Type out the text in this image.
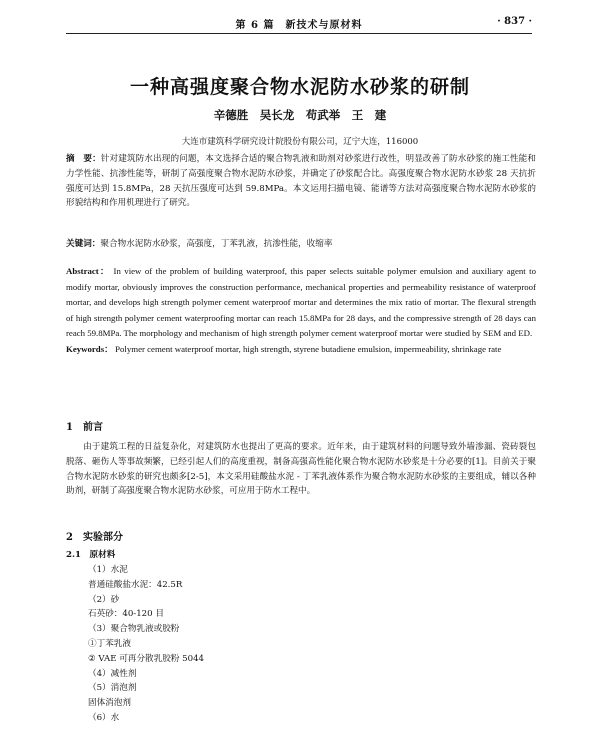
第 6 篇　新技术与原材料	· 837 ·
一种高强度聚合物水泥防水砂浆的研制
辛德胜　吴长龙　苟武举　王　建
大连市建筑科学研究设计院股份有限公司，辽宁大连，116000
摘　要：针对建筑防水出现的问题，本文选择合适的聚合物乳液和助剂对砂浆进行改性，明显改善了防水砂浆的施工性能和力学性能、抗渗性能等，研制了高强度聚合物水泥防水砂浆，并确定了砂浆配合比。高强度聚合物水泥防水砂浆 28 天抗折强度可达到 15.8MPa，28 天抗压强度可达到 59.8MPa。本文运用扫描电镜、能谱等方法对高强度聚合物水泥防水砂浆的形貌结构和作用机理进行了研究。
关键词：聚合物水泥防水砂浆，高强度，丁苯乳液，抗渗性能，收缩率
Abstract： In view of the problem of building waterproof, this paper selects suitable polymer emulsion and auxiliary agent to modify mortar, obviously improves the construction performance, mechanical properties and permeability resistance of waterproof mortar, and develops high strength polymer cement waterproof mortar and determines the mix ratio of mortar. The flexural strength of high strength polymer cement waterproofing mortar can reach 15.8MPa for 28 days, and the compressive strength of 28 days can reach 59.8MPa. The morphology and mechanism of high strength polymer cement waterproof mortar were studied by SEM and ED.
Keywords： Polymer cement waterproof mortar, high strength, styrene butadiene emulsion, impermeability, shrinkage rate
1　前言
由于建筑工程的日益复杂化，对建筑防水也提出了更高的要求。近年来，由于建筑材料的问题导致外墙渗漏、瓷砖裂包脱落、砸伤人等事故频繁，已经引起人们的高度重视，制备高强高性能化聚合物水泥防水砂浆是十分必要的[1]。目前关于聚合物水泥防水砂浆的研究也颇多[2-5]，本文采用硅酸盐水泥 - 丁苯乳液体系作为聚合物水泥防水砂浆的主要组成，辅以各种助剂，研制了高强度聚合物水泥防水砂浆，可应用于防水工程中。
2　实验部分
2.1　原材料
（1）水泥
普通硅酸盐水泥：42.5R
（2）砂
石英砂：40-120 目
（3）聚合物乳液或胶粉
①丁苯乳液
② VAE 可再分散乳胶粉 5044
（4）减性剂
（5）消泡剂
固体消泡剂
（6）水
